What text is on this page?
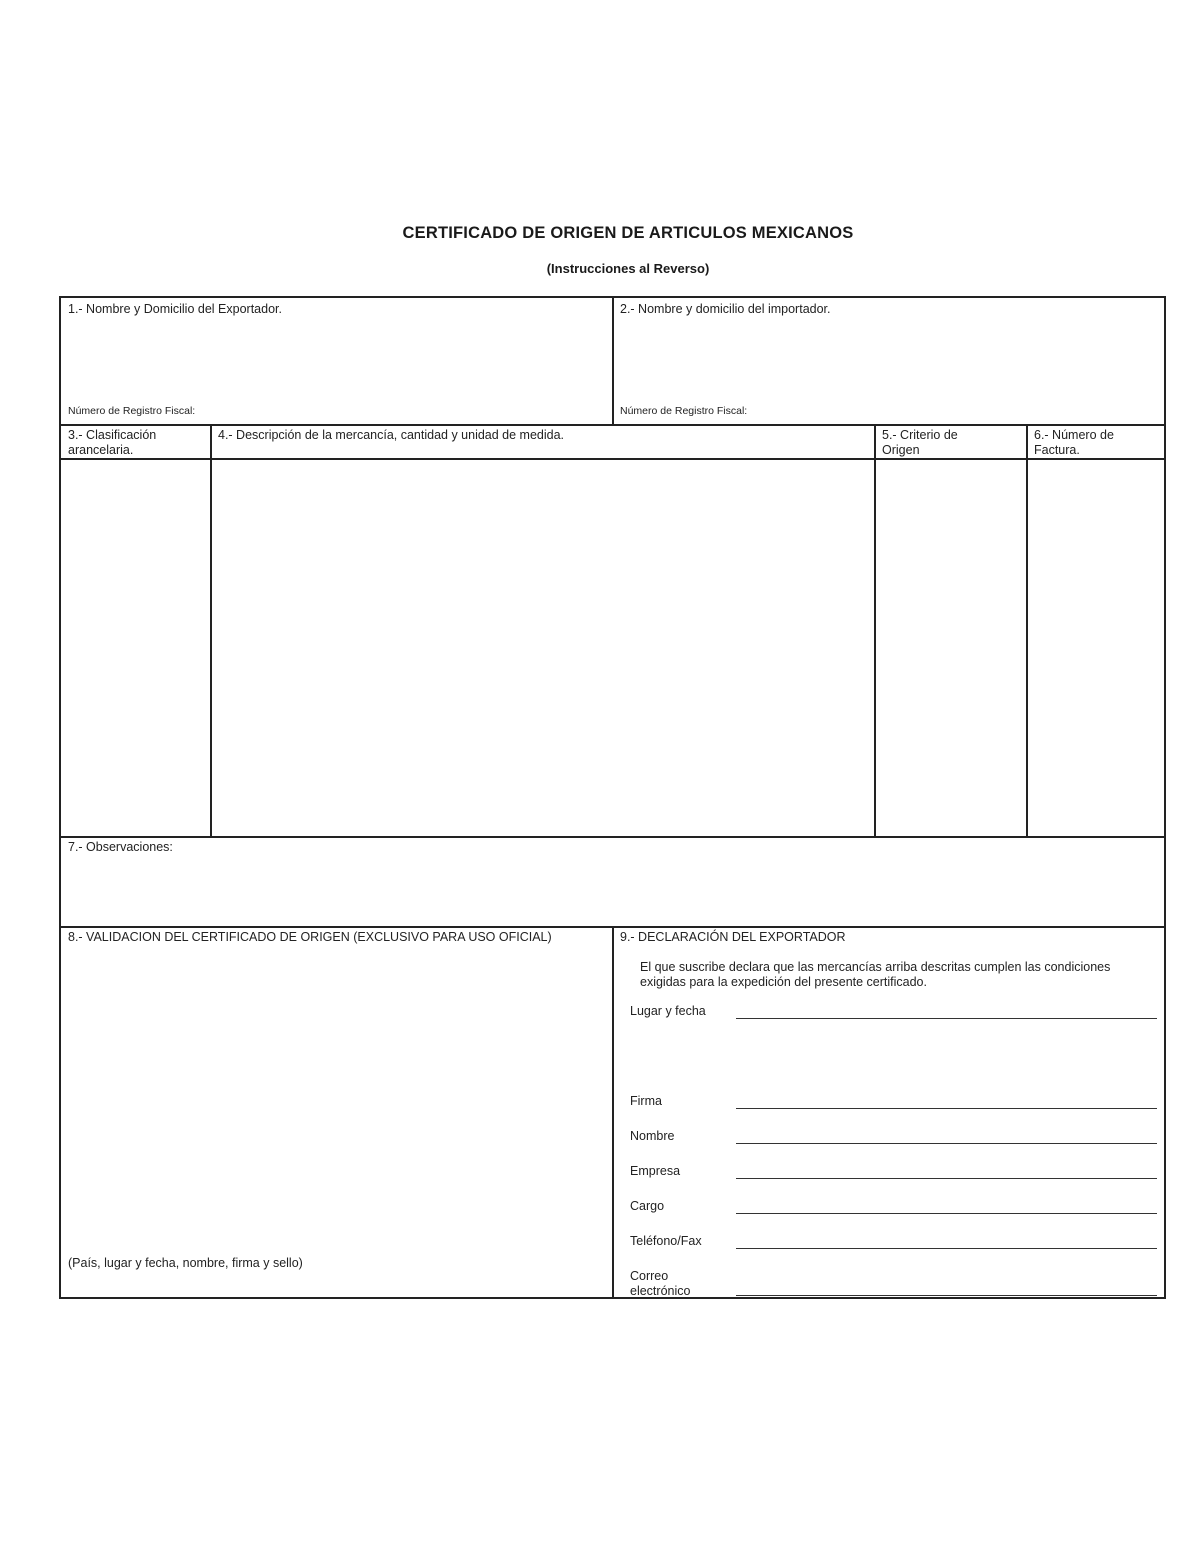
CERTIFICADO DE ORIGEN DE ARTICULOS MEXICANOS
(Instrucciones al Reverso)
1.- Nombre y Domicilio del Exportador.
Número de Registro Fiscal:
2.- Nombre y domicilio del importador.
Número de Registro Fiscal:
3.- Clasificación arancelaria.
4.- Descripción de la mercancía, cantidad y unidad de medida.	5.- Criterio de Origen
6.- Número de Factura.
7.- Observaciones:
8.- VALIDACION DEL CERTIFICADO DE ORIGEN (EXCLUSIVO PARA USO OFICIAL)
(País, lugar y fecha, nombre, firma y sello)
9.- DECLARACIÓN DEL EXPORTADOR
El que suscribe declara que las mercancías arriba descritas cumplen las condiciones exigidas para la expedición del presente certificado.
Lugar y fecha
Firma
Nombre
Empresa
Cargo
Teléfono/Fax
Correo electrónico
